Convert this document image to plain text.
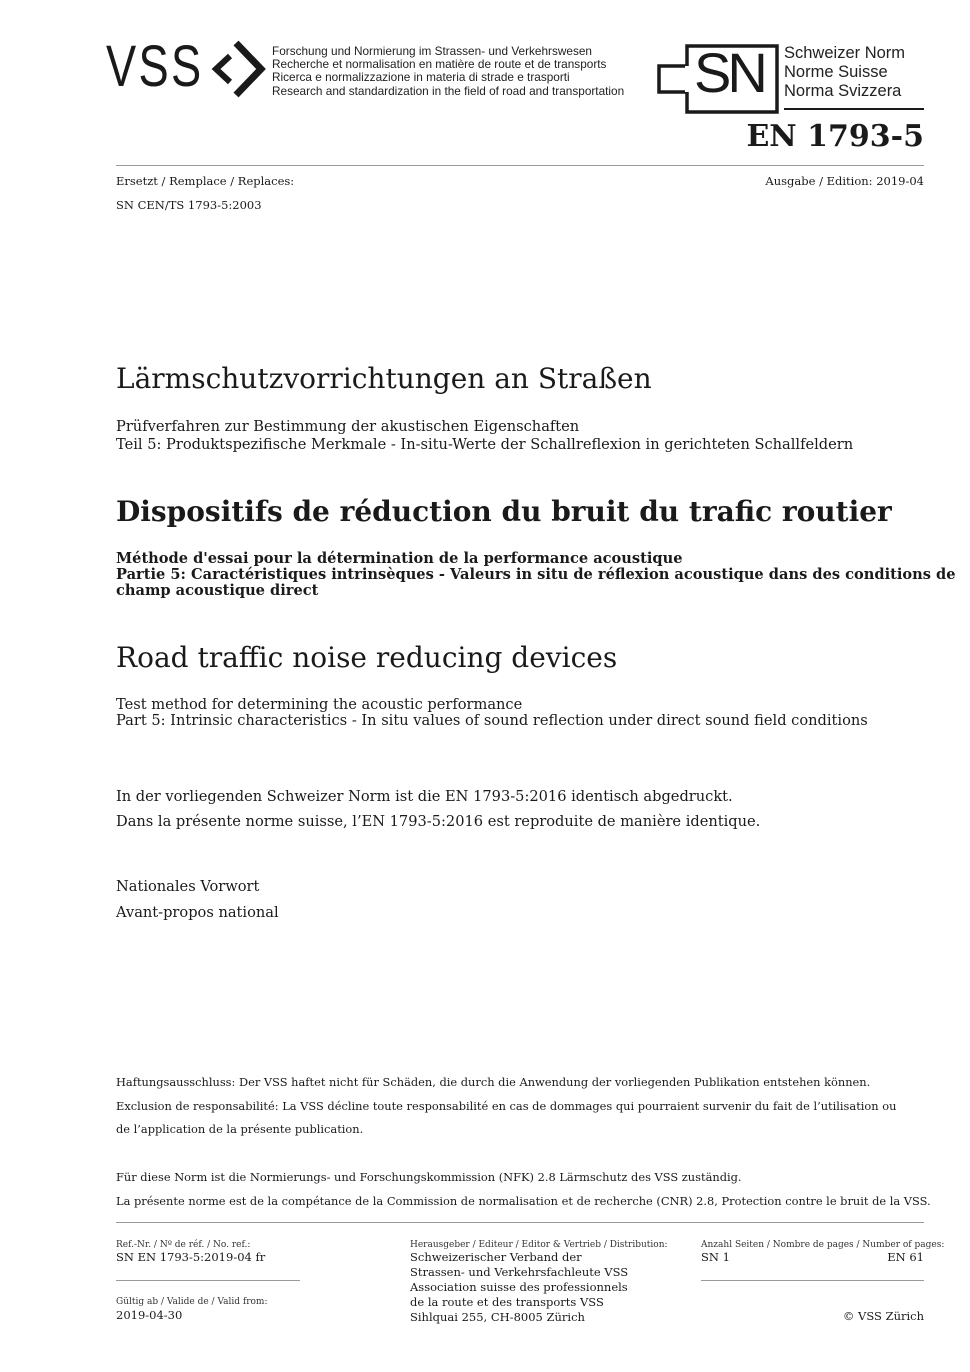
VSS	Forschung und Normierung im Strassen- und Verkehrswesen
Recherche et normalisation en matière de route et de transports
Ricerca e normalizzazione in materia di strade e trasporti
Research and standardization in the field of road and transportation SN Schweizer Norm
Norme Suisse
Norma Svizzera
EN 1793-5
Ersetzt / Remplace / Replaces:
SN CEN/TS 1793-5:2003
Ausgabe / Edition: 2019-04
Lärmschutzvorrichtungen an Straßen
Prüfverfahren zur Bestimmung der akustischen Eigenschaften
Teil 5: Produktspezifische Merkmale - In-situ-Werte der Schallreflexion in gerichteten Schallfeldern
Dispositifs de réduction du bruit du trafic routier
Méthode d'essai pour la détermination de la performance acoustique
Partie 5: Caractéristiques intrinsèques - Valeurs in situ de réflexion acoustique dans des conditions de
champ acoustique direct
Road traffic noise reducing devices
Test method for determining the acoustic performance
Part 5: Intrinsic characteristics - In situ values of sound reflection under direct sound field conditions
In der vorliegenden Schweizer Norm ist die EN 1793-5:2016 identisch abgedruckt.
Dans la présente norme suisse, l’EN 1793-5:2016 est reproduite de manière identique.
Nationales Vorwort
Avant-propos national
Haftungsausschluss: Der VSS haftet nicht für Schäden, die durch die Anwendung der vorliegenden Publikation entstehen können.
Exclusion de responsabilité: La VSS décline toute responsabilité en cas de dommages qui pourraient survenir du fait de l’utilisation ou
de l’application de la présente publication.
Für diese Norm ist die Normierungs- und Forschungskommission (NFK) 2.8 Lärmschutz des VSS zuständig.
La présente norme est de la compétance de la Commission de normalisation et de recherche (CNR) 2.8, Protection contre le bruit de la VSS.
Ref.-Nr. / Nº de réf. / No. ref.:
SN EN 1793-5:2019-04 fr
Gültig ab / Valide de / Valid from:
2019-04-30
Herausgeber / Editeur / Editor & Vertrieb / Distribution:
Schweizerischer Verband der
Strassen- und Verkehrsfachleute VSS
Association suisse des professionnels
de la route et des transports VSS
Sihlquai 255, CH-8005 Zürich
Anzahl Seiten / Nombre de pages / Number of pages:
SN 1	EN 61
© VSS Zürich
